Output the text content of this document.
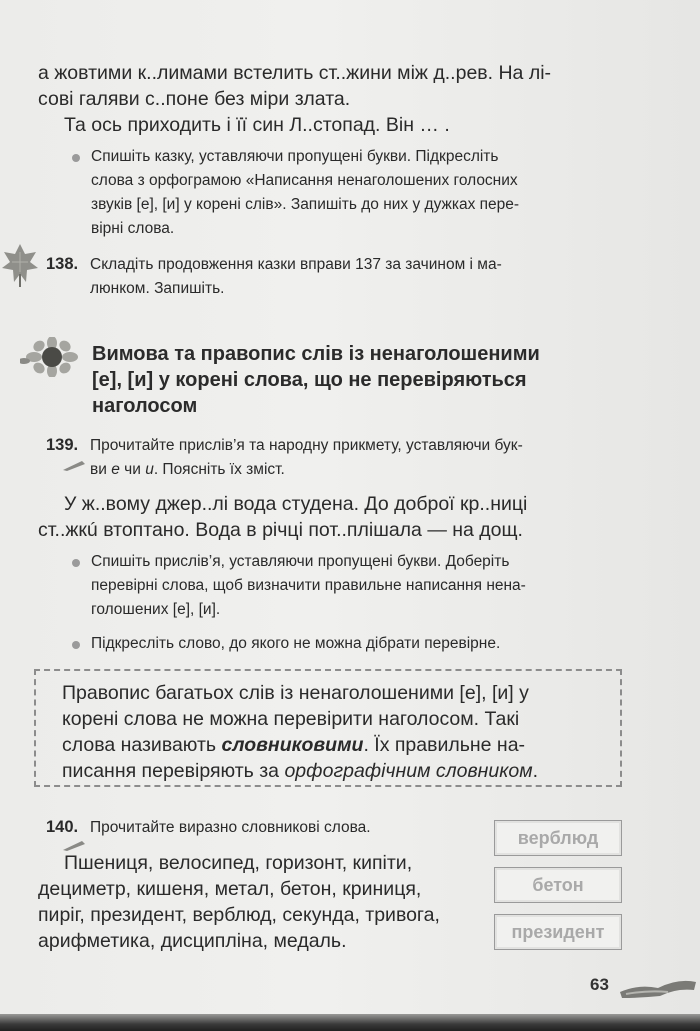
а жовтими к..лимами встелить ст..жини між д..рев. На лі-
сові галяви с..поне без міри злата.
Та ось приходить і її син Л..стопад. Він … .
Спишіть казку, уставляючи пропущені букви. Підкресліть
слова з орфограмою «Написання ненаголошених голосних
звуків [е], [и] у корені слів». Запишіть до них у дужках пере-
вірні слова.
138. Складіть продовження казки вправи 137 за зачином і ма-
люнком. Запишіть.
Вимова та правопис слів із ненаголошеними
[е], [и] у корені слова, що не перевіряються
наголосом
139. Прочитайте прислів’я та народну прикмету, уставляючи бук-
ви е чи и. Поясніть їх зміст.
У ж..вому джер..лі вода студена. До доброї кр..ниці
ст..жкú втоптано. Вода в річці пот..плішала — на дощ.
Спишіть прислів’я, уставляючи пропущені букви. Доберіть
перевірні слова, щоб визначити правильне написання нена-
голошених [е], [и].
Підкресліть слово, до якого не можна дібрати перевірне.
Правопис багатьох слів із ненаголошеними [е], [и] у
корені слова не можна перевірити наголосом. Такі
слова називають словниковими. Їх правильне на-
писання перевіряють за орфографічним словником.
140. Прочитайте виразно словникові слова.
Пшениця, велосипед, горизонт, кипіти,
дециметр, кишеня, метал, бетон, криниця,
пиріг, президент, верблюд, секунда, тривога,
арифметика, дисципліна, медаль.
верблюд
бетон
президент
63
